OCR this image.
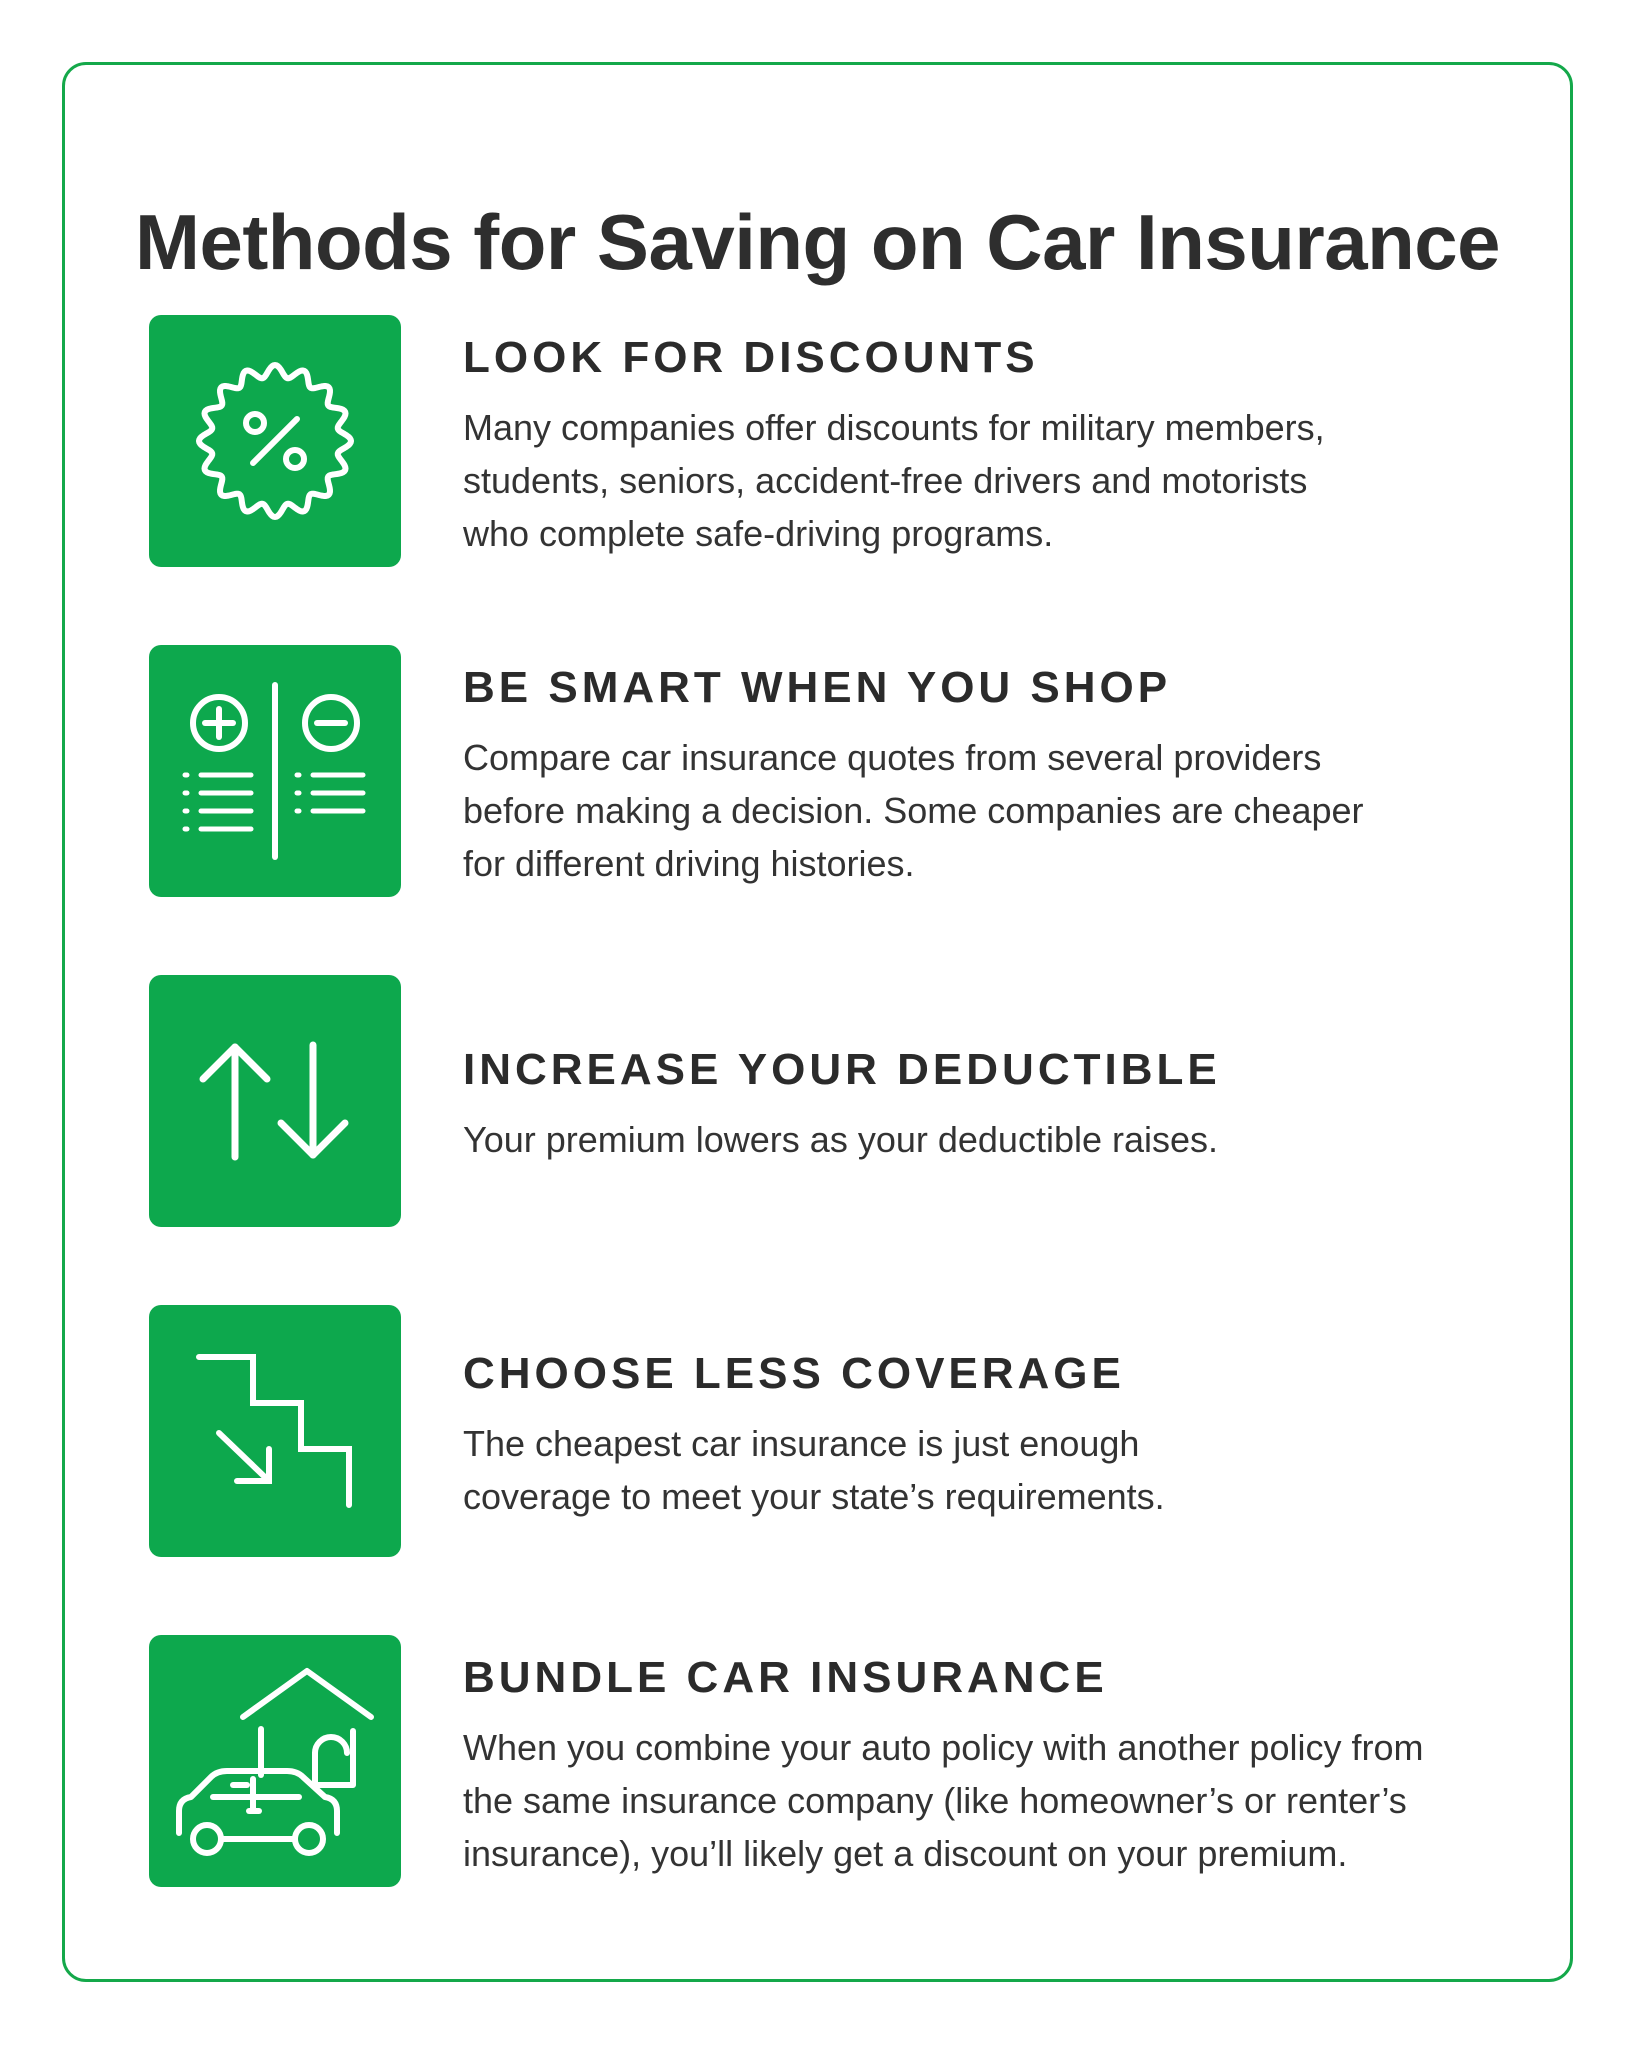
Methods for Saving on Car Insurance

LOOK FOR DISCOUNTS

Many companies offer discounts for military members,
students, seniors, accident-free drivers and motorists
who complete safe-driving programs.

BE SMART WHEN YOU SHOP

Compare car insurance quotes from several providers
before making a decision. Some companies are cheaper
for different driving histories.

INCREASE YOUR DEDUCTIBLE

Your premium lowers as your deductible raises.

CHOOSE LESS COVERAGE

The cheapest car insurance is just enough
coverage to meet your state’s requirements.

BUNDLE CAR INSURANCE

When you combine your auto policy with another policy from
the same insurance company (like homeowner’s or renter’s
insurance), you’ll likely get a discount on your premium.
